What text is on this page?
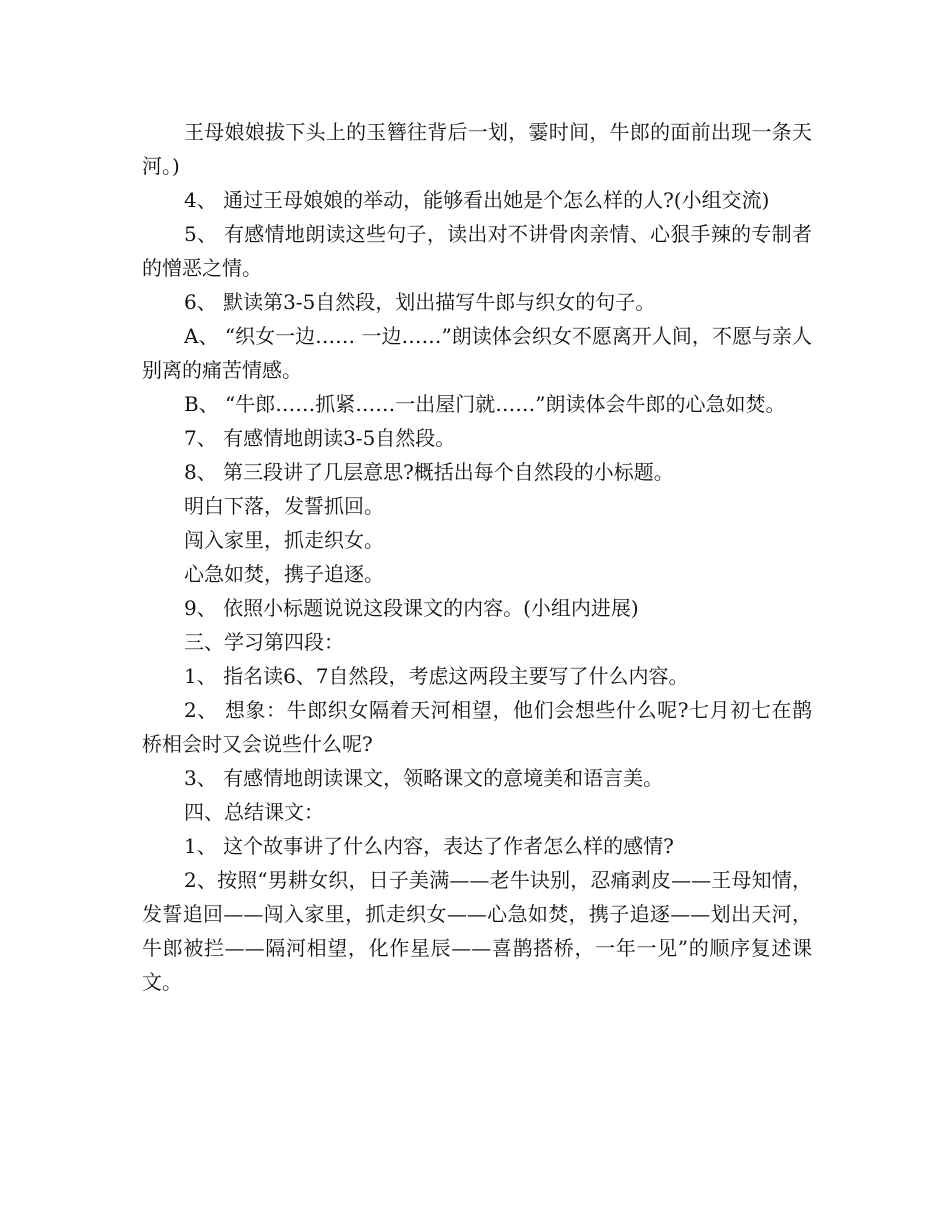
王母娘娘拔下头上的玉簪往背后一划，霎时间，牛郎的面前出现一条天河。)

4、 通过王母娘娘的举动，能够看出她是个怎么样的人?(小组交流)

5、 有感情地朗读这些句子，读出对不讲骨肉亲情、心狠手辣的专制者的憎恶之情。

6、 默读第3-5自然段，划出描写牛郎与织女的句子。

A、 “织女一边…… 一边……”朗读体会织女不愿离开人间，不愿与亲人别离的痛苦情感。

B、 “牛郎……抓紧……一出屋门就……”朗读体会牛郎的心急如焚。

7、 有感情地朗读3-5自然段。

8、 第三段讲了几层意思?概括出每个自然段的小标题。

明白下落，发誓抓回。

闯入家里，抓走织女。

心急如焚，携子追逐。

9、 依照小标题说说这段课文的内容。(小组内进展)

三、学习第四段：

1、 指名读6、7自然段，考虑这两段主要写了什么内容。

2、 想象：牛郎织女隔着天河相望，他们会想些什么呢?七月初七在鹊桥相会时又会说些什么呢?

3、 有感情地朗读课文，领略课文的意境美和语言美。

四、总结课文：

1、 这个故事讲了什么内容，表达了作者怎么样的感情?

2、按照“男耕女织，日子美满——老牛诀别，忍痛剥皮——王母知情，发誓追回——闯入家里，抓走织女——心急如焚，携子追逐——划出天河，牛郎被拦——隔河相望，化作星辰——喜鹊搭桥，一年一见”的顺序复述课文。
